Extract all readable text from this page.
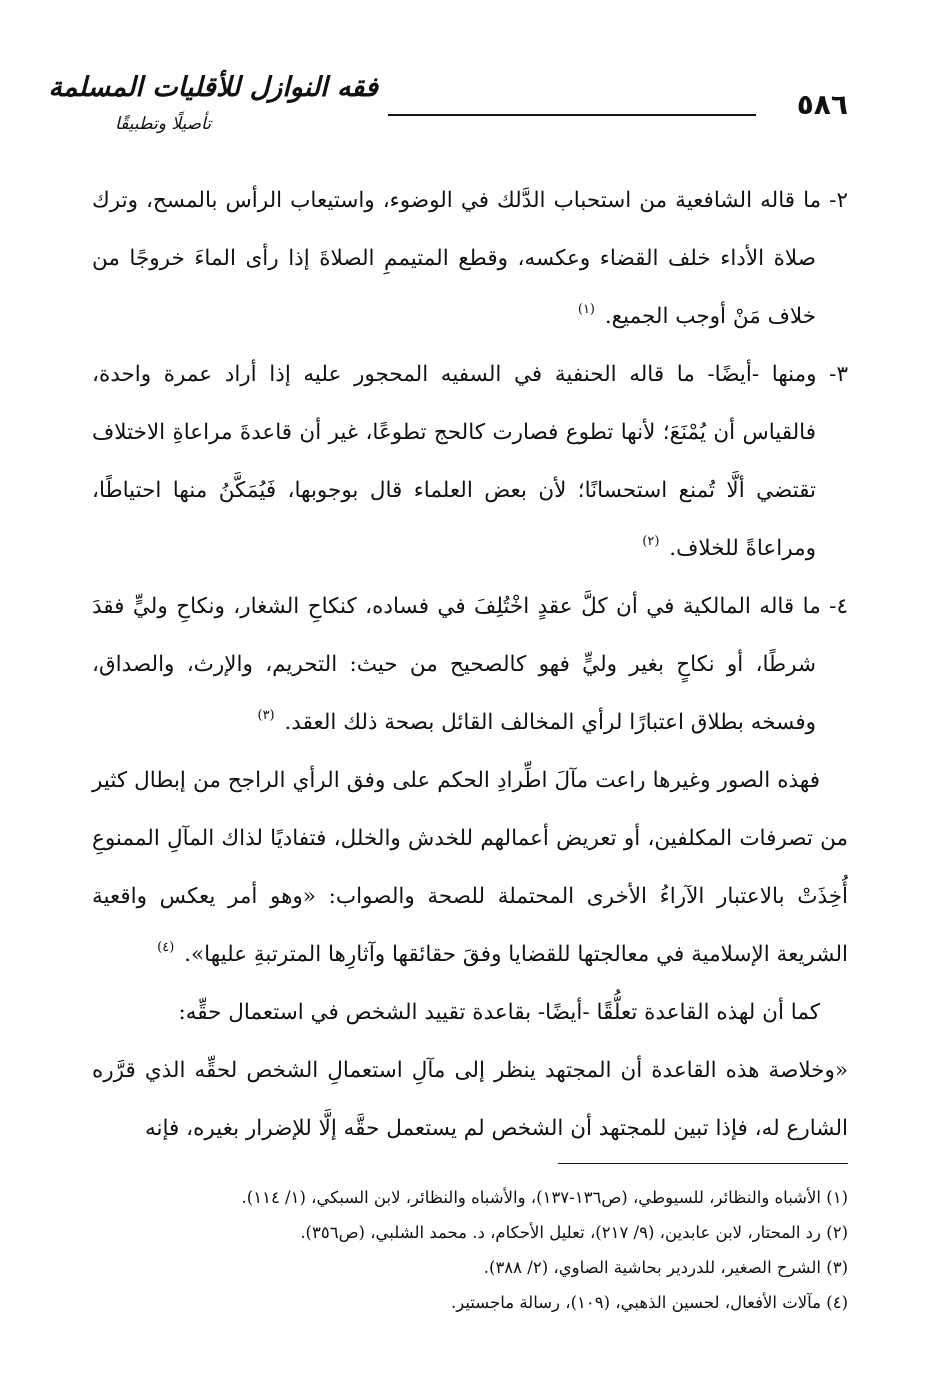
٥٨٦
فقه النوازل للأقليات المسلمة
تأصيلًا وتطبيقًا

٢- ما قاله الشافعية من استحباب الدَّلك في الوضوء، واستيعاب الرأس بالمسح، وترك صلاة الأداء خلف القضاء وعكسه، وقطع المتيممِ الصلاةَ إذا رأى الماءَ خروجًا من خلاف مَنْ أوجب الجميع. $^{(١)}$

٣- ومنها -أيضًا- ما قاله الحنفية في السفيه المحجور عليه إذا أراد عمرة واحدة، فالقياس أن يُمْنَعَ؛ لأنها تطوع فصارت كالحج تطوعًا، غير أن قاعدةَ مراعاةِ الاختلاف تقتضي ألَّا تُمنع استحسانًا؛ لأن بعض العلماء قال بوجوبها، فَيُمَكَّنُ منها احتياطًا، ومراعاةً للخلاف. $^{(٢)}$

٤- ما قاله المالكية في أن كلَّ عقدٍ اخْتُلِفَ في فساده، كنكاحِ الشغار، ونكاحِ وليٍّ فقدَ شرطًا، أو نكاحٍ بغير وليٍّ فهو كالصحيح من حيث: التحريم، والإرث، والصداق، وفسخه بطلاق اعتبارًا لرأي المخالف القائل بصحة ذلك العقد. $^{(٣)}$

فهذه الصور وغيرها راعت مآلَ اطِّرادِ الحكم على وفق الرأي الراجح من إبطال كثير من تصرفات المكلفين، أو تعريض أعمالهم للخدش والخلل، فتفاديًا لذاك المآلِ الممنوعِ أُخِذَتْ بالاعتبار الآراءُ الأخرى المحتملة للصحة والصواب: «وهو أمر يعكس واقعية الشريعة الإسلامية في معالجتها للقضايا وفقَ حقائقها وآثارِها المترتبةِ عليها». $^{(٤)}$

كما أن لهذه القاعدة تعلُّقًا -أيضًا- بقاعدة تقييد الشخص في استعمال حقِّه:

«وخلاصة هذه القاعدة أن المجتهد ينظر إلى مآلِ استعمالِ الشخص لحقِّه الذي قرَّره الشارع له، فإذا تبين للمجتهد أن الشخص لم يستعمل حقَّه إلَّا للإضرار بغيره، فإنه

(١) الأشباه والنظائر، للسيوطي، (ص١٣٦-١٣٧)، والأشباه والنظائر، لابن السبكي، (١/ ١١٤).

(٢) رد المحتار، لابن عابدين، (٩/ ٢١٧)، تعليل الأحكام، د. محمد الشلبي، (ص٣٥٦).

(٣) الشرح الصغير، للدردير بحاشية الصاوي، (٢/ ٣٨٨).

(٤) مآلات الأفعال، لحسين الذهبي، (١٠٩)، رسالة ماجستير.
